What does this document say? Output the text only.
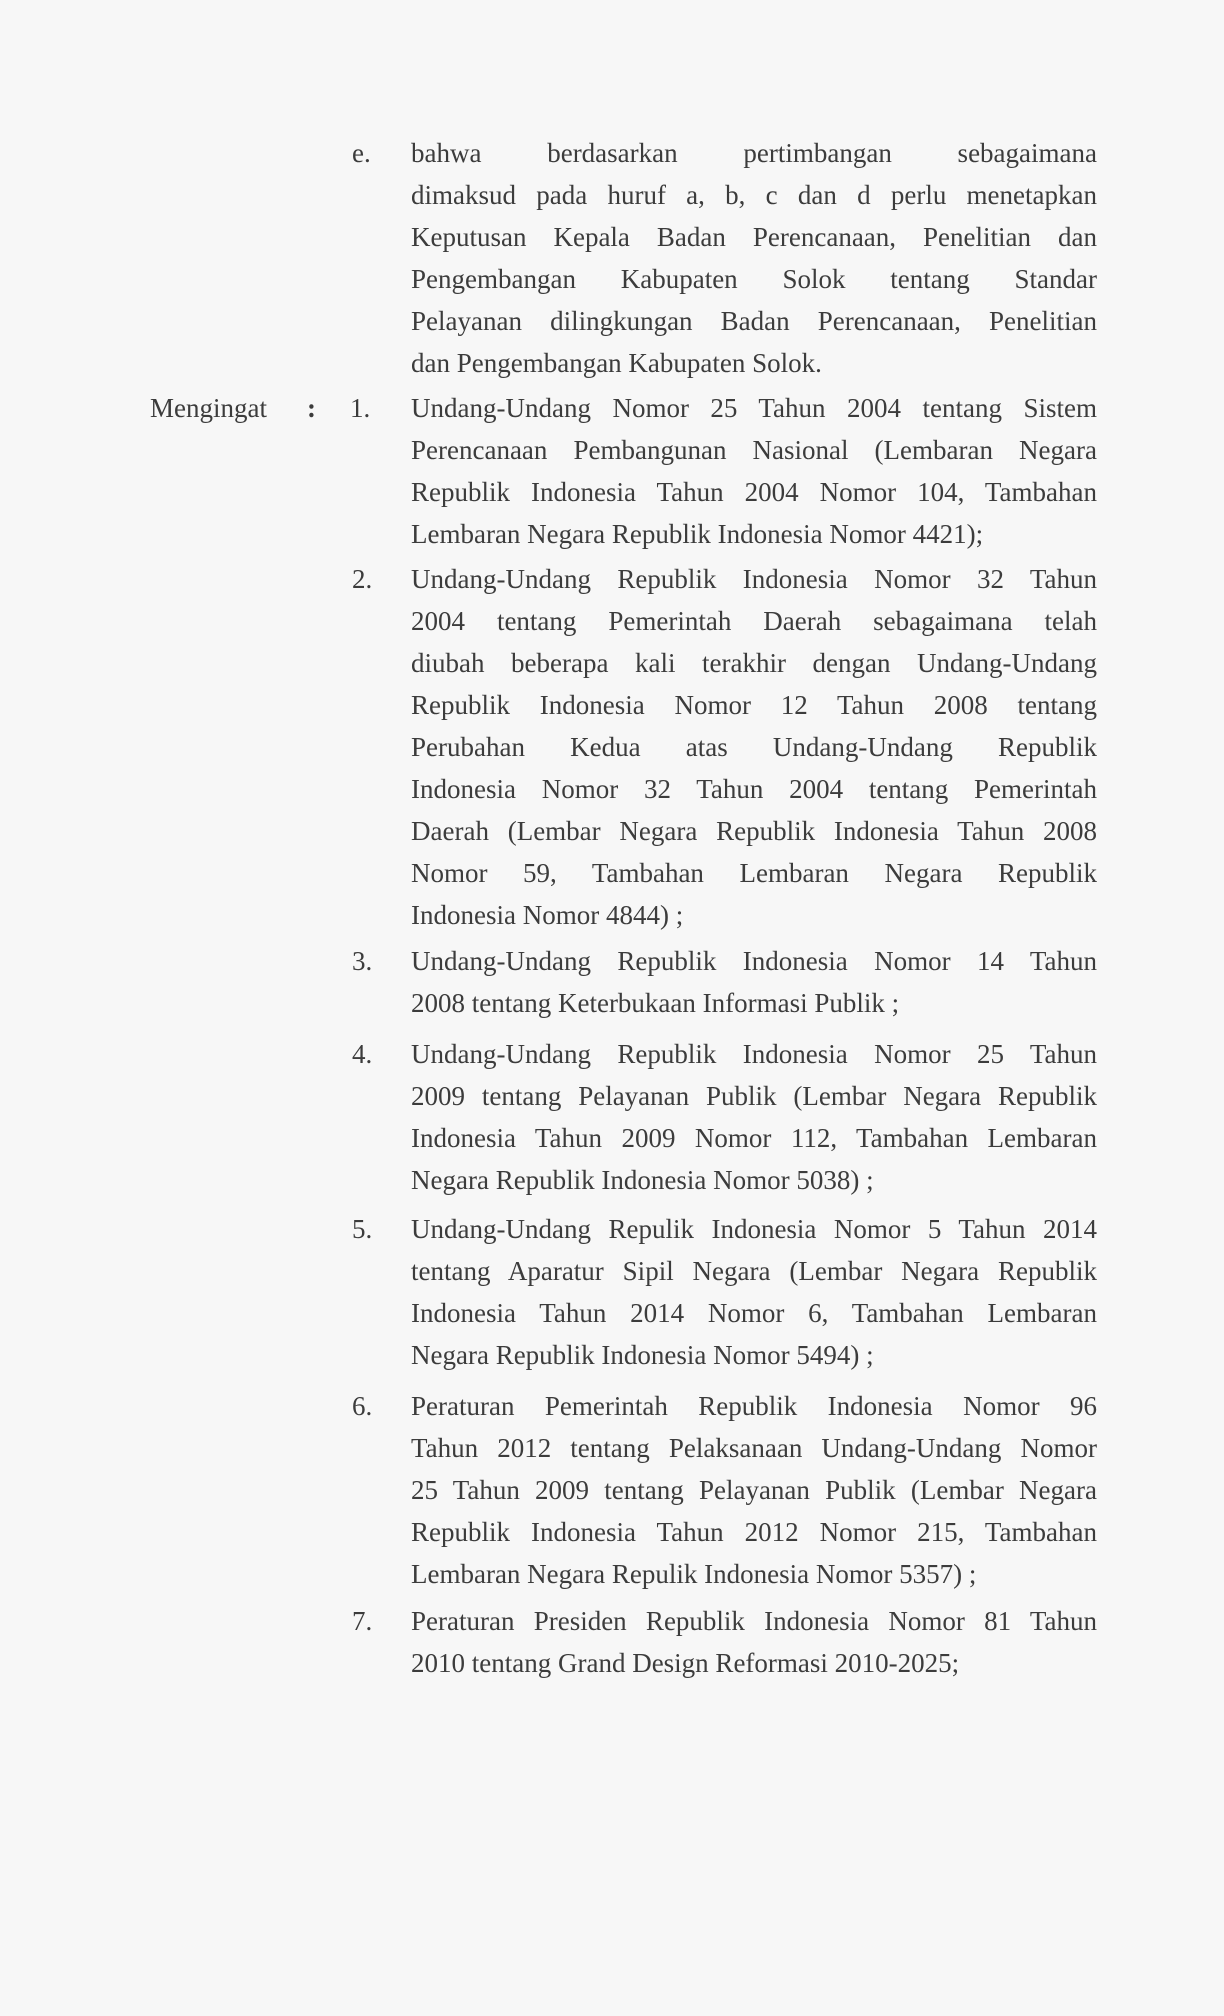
e.	bahwa berdasarkan pertimbangan sebagaimana
dimaksud pada huruf a, b, c dan d perlu menetapkan
Keputusan Kepala Badan Perencanaan, Penelitian dan
Pengembangan Kabupaten Solok tentang Standar
Pelayanan dilingkungan Badan Perencanaan, Penelitian
dan Pengembangan Kabupaten Solok.
Mengingat : 1.	Undang-Undang Nomor 25 Tahun 2004 tentang Sistem
Perencanaan Pembangunan Nasional (Lembaran Negara
Republik Indonesia Tahun 2004 Nomor 104, Tambahan
Lembaran Negara Republik Indonesia Nomor 4421);
2.	Undang-Undang Republik Indonesia Nomor 32 Tahun
2004 tentang Pemerintah Daerah sebagaimana telah
diubah beberapa kali terakhir dengan Undang-Undang
Republik Indonesia Nomor 12 Tahun 2008 tentang
Perubahan Kedua atas Undang-Undang Republik
Indonesia Nomor 32 Tahun 2004 tentang Pemerintah
Daerah (Lembar Negara Republik Indonesia Tahun 2008
Nomor 59, Tambahan Lembaran Negara Republik
Indonesia Nomor 4844) ;
3.	Undang-Undang Republik Indonesia Nomor 14 Tahun
2008 tentang Keterbukaan Informasi Publik ;
4.	Undang-Undang Republik Indonesia Nomor 25 Tahun
2009 tentang Pelayanan Publik (Lembar Negara Republik
Indonesia Tahun 2009 Nomor 112, Tambahan Lembaran
Negara Republik Indonesia Nomor 5038) ;
5.	Undang-Undang Repulik Indonesia Nomor 5 Tahun 2014
tentang Aparatur Sipil Negara (Lembar Negara Republik
Indonesia Tahun 2014 Nomor 6, Tambahan Lembaran
Negara Republik Indonesia Nomor 5494) ;
6.	Peraturan Pemerintah Republik Indonesia Nomor 96
Tahun 2012 tentang Pelaksanaan Undang-Undang Nomor
25 Tahun 2009 tentang Pelayanan Publik (Lembar Negara
Republik Indonesia Tahun 2012 Nomor 215, Tambahan
Lembaran Negara Repulik Indonesia Nomor 5357) ;
7.	Peraturan Presiden Republik Indonesia Nomor 81 Tahun
2010 tentang Grand Design Reformasi 2010-2025;
